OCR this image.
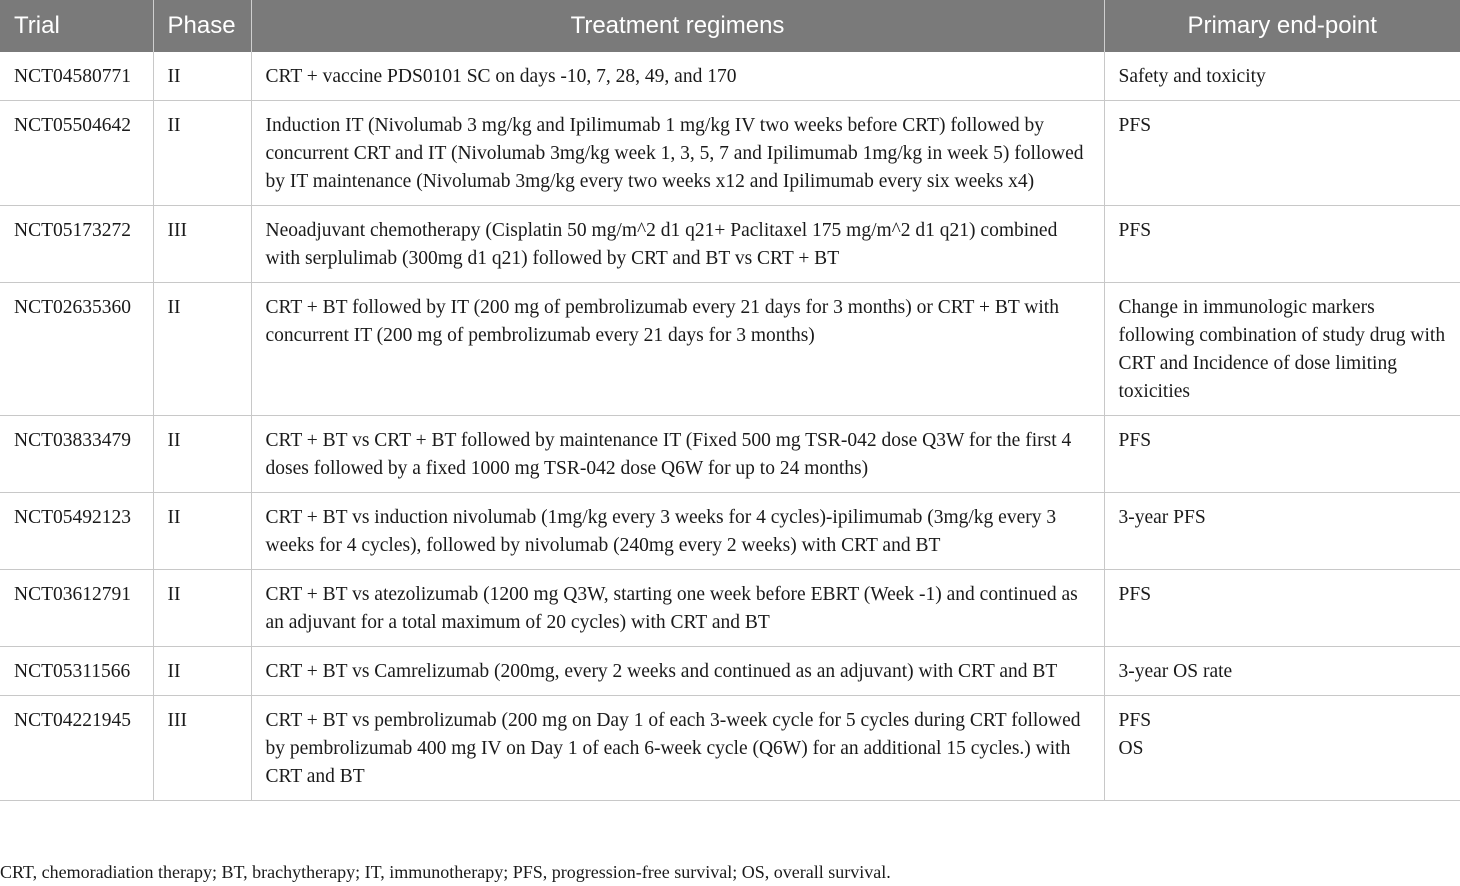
Trial	Phase	Treatment regimens	Primary end-point
NCT04580771	II	CRT + vaccine PDS0101 SC on days -10, 7, 28, 49, and 170	Safety and toxicity

NCT05504642	II	Induction IT (Nivolumab 3 mg/kg and Ipilimumab 1 mg/kg IV two weeks before CRT) followed by concurrent CRT and IT (Nivolumab 3mg/kg week 1, 3, 5, 7 and Ipilimumab 1mg/kg in week 5) followed by IT maintenance (Nivolumab 3mg/kg every two weeks x12 and Ipilimumab every six weeks x4)	PFS

NCT05173272	III	Neoadjuvant chemotherapy (Cisplatin 50 mg/m^2 d1 q21+ Paclitaxel 175 mg/m^2 d1 q21) combined with serplulimab (300mg d1 q21) followed by CRT and BT vs CRT + BT	PFS

NCT02635360	II	CRT + BT followed by IT (200 mg of pembrolizumab every 21 days for 3 months) or CRT + BT with concurrent IT (200 mg of pembrolizumab every 21 days for 3 months)	Change in immunologic markers following combination of study drug with CRT and Incidence of dose limiting toxicities

NCT03833479	II	CRT + BT vs CRT + BT followed by maintenance IT (Fixed 500 mg TSR-042 dose Q3W for the first 4 doses followed by a fixed 1000 mg TSR-042 dose Q6W for up to 24 months)	PFS

NCT05492123	II	CRT + BT vs induction nivolumab (1mg/kg every 3 weeks for 4 cycles)-ipilimumab (3mg/kg every 3 weeks for 4 cycles), followed by nivolumab (240mg every 2 weeks) with CRT and BT	3-year PFS

NCT03612791	II	CRT + BT vs atezolizumab (1200 mg Q3W, starting one week before EBRT (Week -1) and continued as an adjuvant for a total maximum of 20 cycles) with CRT and BT	PFS

NCT05311566	II	CRT + BT vs Camrelizumab (200mg, every 2 weeks and continued as an adjuvant) with CRT and BT	3-year OS rate

NCT04221945	III	CRT + BT vs pembrolizumab (200 mg on Day 1 of each 3-week cycle for 5 cycles during CRT followed by pembrolizumab 400 mg IV on Day 1 of each 6-week cycle (Q6W) for an additional 15 cycles.) with CRT and BT	PFS
OS
CRT, chemoradiation therapy; BT, brachytherapy; IT, immunotherapy; PFS, progression-free survival; OS, overall survival.
